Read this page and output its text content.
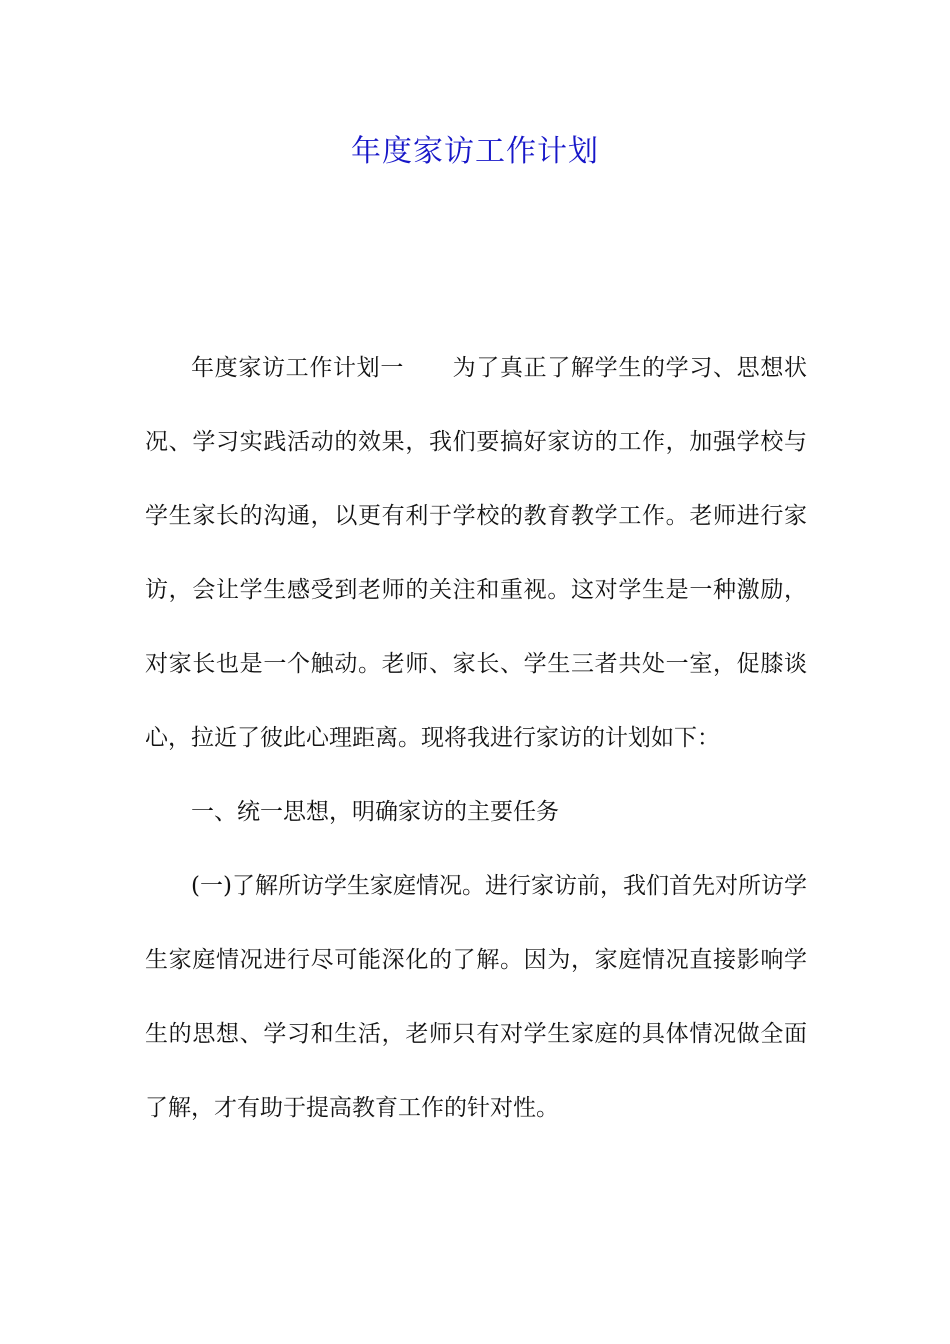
年度家访工作计划

年度家访工作计划一 为了真正了解学生的学习、思想状况、学习实践活动的效果，我们要搞好家访的工作，加强学校与学生家长的沟通，以更有利于学校的教育教学工作。老师进行家访，会让学生感受到老师的关注和重视。这对学生是一种激励，对家长也是一个触动。老师、家长、学生三者共处一室，促膝谈心，拉近了彼此心理距离。现将我进行家访的计划如下：

一、统一思想，明确家访的主要任务

(一)了解所访学生家庭情况。进行家访前，我们首先对所访学生家庭情况进行尽可能深化的了解。因为，家庭情况直接影响学生的思想、学习和生活，老师只有对学生家庭的具体情况做全面了解，才有助于提高教育工作的针对性。
